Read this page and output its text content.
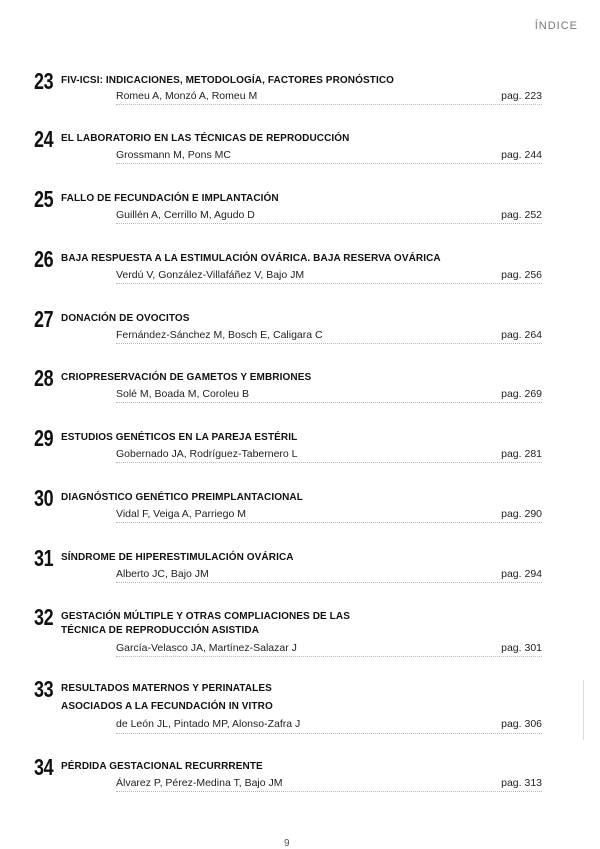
ÍNDICE
23 FIV-ICSI: INDICACIONES, METODOLOGÍA, FACTORES PRONÓSTICO
Romeu A, Monzó A, Romeu M	pag. 223
24 EL LABORATORIO EN LAS TÉCNICAS DE REPRODUCCIÓN
Grossmann M, Pons MC	pag. 244
25 FALLO DE FECUNDACIÓN E IMPLANTACIÓN
Guillén A, Cerrillo M, Agudo D	pag. 252
26 BAJA RESPUESTA A LA ESTIMULACIÓN OVÁRICA. BAJA RESERVA OVÁRICA
Verdú V, González-Villafáñez V, Bajo JM	pag. 256
27 DONACIÓN DE OVOCITOS
Fernández-Sánchez M, Bosch E, Caligara C	pag. 264
28 CRIOPRESERVACIÓN DE GAMETOS Y EMBRIONES
Solé M, Boada M, Coroleu B	pag. 269
29 ESTUDIOS GENÉTICOS EN LA PAREJA ESTÉRIL
Gobernado JA, Rodríguez-Tabernero L	pag. 281
30 DIAGNÓSTICO GENÉTICO PREIMPLANTACIONAL
Vidal F, Veiga A, Parriego M	pag. 290
31 SÍNDROME DE HIPERESTIMULACIÓN OVÁRICA
Alberto JC, Bajo JM	pag. 294
32 GESTACIÓN MÚLTIPLE Y OTRAS COMPLIACIONES DE LAS
TÉCNICA DE REPRODUCCIÓN ASISTIDA
García-Velasco JA, Martínez-Salazar J	pag. 301
33 RESULTADOS MATERNOS Y PERINATALES
ASOCIADOS A LA FECUNDACIÓN IN VITRO
de León JL, Pintado MP, Alonso-Zafra J	pag. 306
34 PÉRDIDA GESTACIONAL RECURRRENTE
Álvarez P, Pérez-Medina T, Bajo JM	pag. 313
9
